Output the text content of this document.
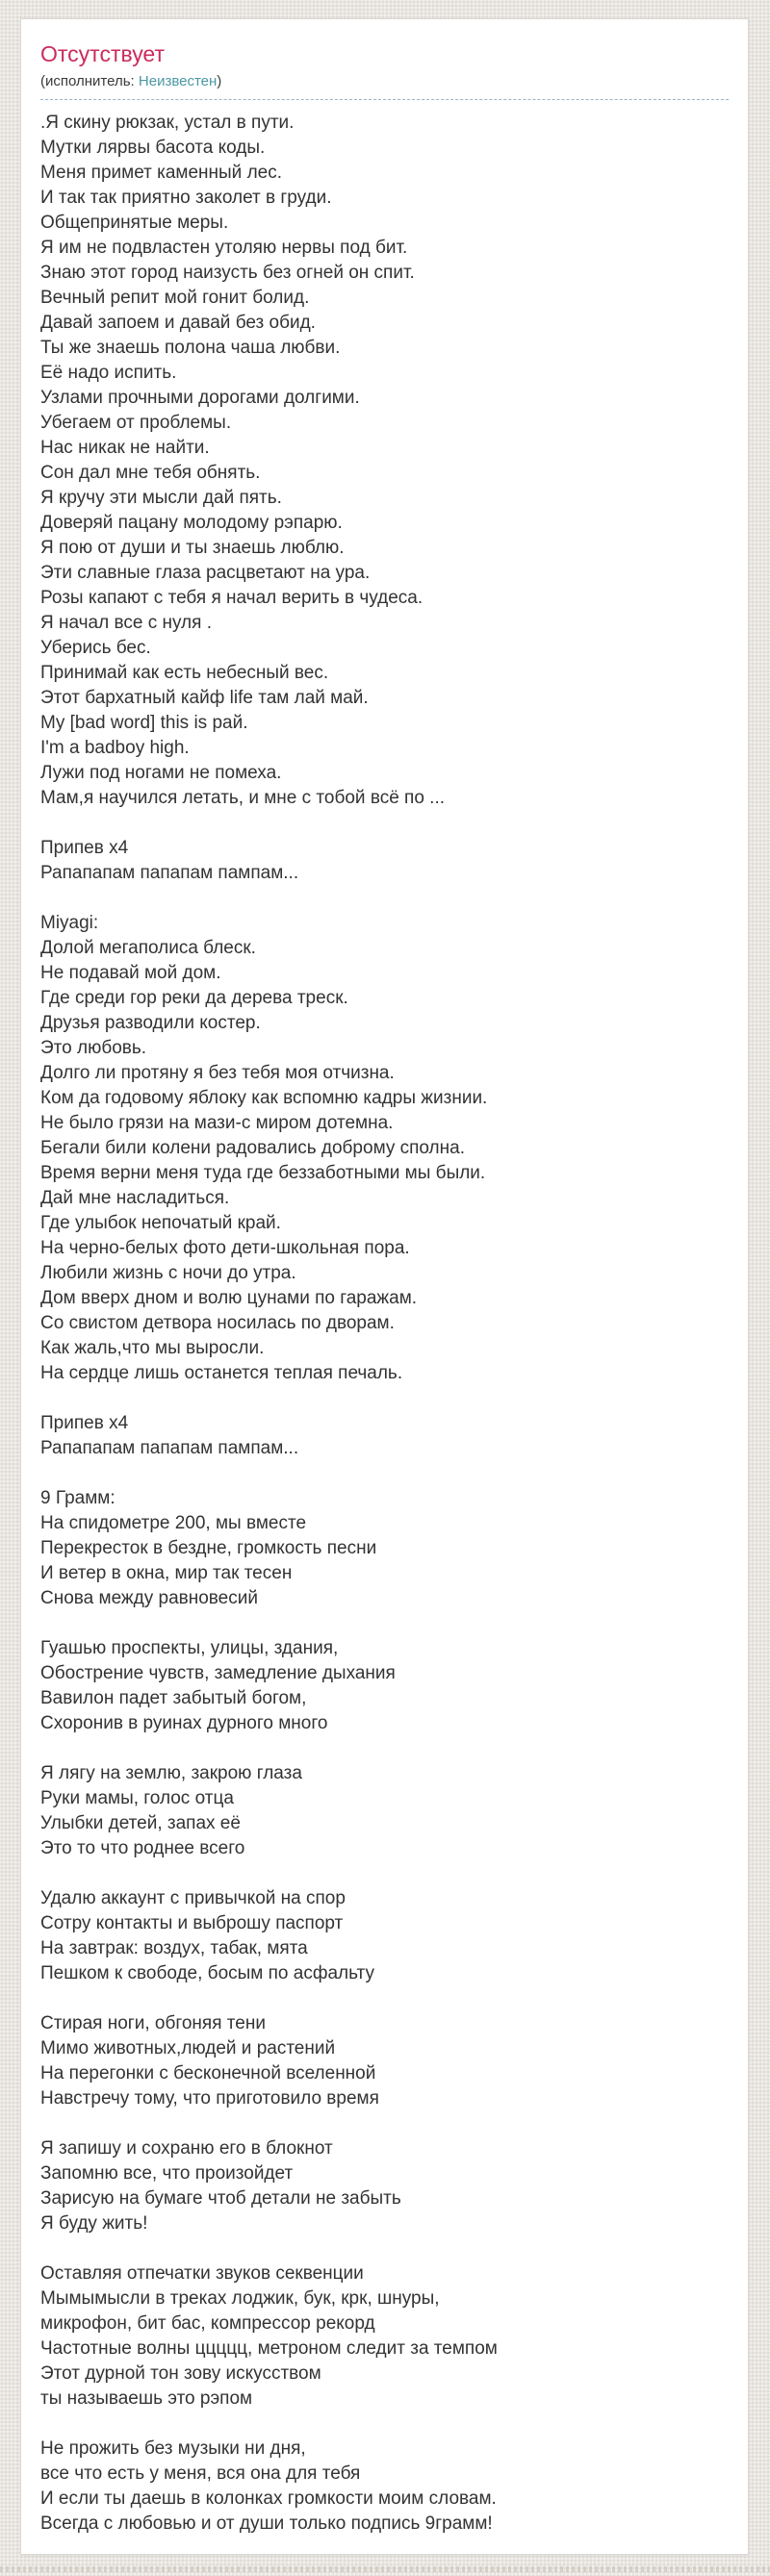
Отсутствует
(исполнитель: Неизвестен)
.Я скину рюкзак, устал в пути.
Мутки лярвы басота коды.
Меня примет каменный лес.
И так так приятно заколет в груди.
Общепринятые меры.
Я им не подвластен утоляю нервы под бит.
Знаю этот город наизусть без огней он спит.
Вечный репит мой гонит болид.
Давай запоем и давай без обид.
Ты же знаешь полона чаша любви.
Её надо испить.
Узлами прочными дорогами долгими.
Убегаем от проблемы.
Нас никак не найти.
Сон дал мне тебя обнять.
Я кручу эти мысли дай пять.
Доверяй пацану молодому рэпарю.
Я пою от души и ты знаешь люблю.
Эти славные глаза расцветают на ура.
Розы капают с тебя я начал верить в чудеса.
Я начал все с нуля .
Уберись бес.
Принимай как есть небесный вес.
Этот бархатный кайф life там лай май.
My [bad word] this is рай.
I'm a badboy high.
Лужи под ногами не помеха.
Мам,я научился летать, и мне с тобой всё по ...
Припев x4
Рапапапам папапам пампам...
Miyagi:
Долой мегаполиса блеск.
Не подавай мой дом.
Где среди гор реки да дерева треск.
Друзья разводили костер.
Это любовь.
Долго ли протяну я без тебя моя отчизна.
Ком да годовому яблоку как вспомню кадры жизнии.
Не было грязи на мази-с миром дотемна.
Бегали били колени радовались доброму сполна.
Время верни меня туда где беззаботными мы были.
Дай мне насладиться.
Где улыбок непочатый край.
На черно-белых фото дети-школьная пора.
Любили жизнь с ночи до утра.
Дом вверх дном и волю цунами по гаражам.
Со свистом детвора носилась по дворам.
Как жаль,что мы выросли.
На сердце лишь останется теплая печаль.
Припев x4
Рапапапам папапам пампам...
9 Грамм:
На спидометре 200, мы вместе
Перекресток в бездне, громкость песни
И ветер в окна, мир так тесен
Снова между равновесий
Гуашью проспекты, улицы, здания,
Обострение чувств, замедление дыхания
Вавилон падет забытый богом,
Схоронив в руинах дурного много
Я лягу на землю, закрою глаза
Руки мамы, голос отца
Улыбки детей, запах её
Это то что роднее всего
Удалю аккаунт с привычкой на спор
Сотру контакты и выброшу паспорт
На завтрак: воздух, табак, мята
Пешком к свободе, босым по асфальту
Стирая ноги, обгоняя тени
Мимо животных,людей и растений
На перегонки с бесконечной вселенной
Навстречу тому, что приготовило время
Я запишу и сохраню его в блокнот
Запомню все, что произойдет
Зарисую на бумаге чтоб детали не забыть
Я буду жить!
Оставляя отпечатки звуков секвенции
Мымымысли в треках лоджик, бук, крк, шнуры,
микрофон, бит бас, компрессор рекорд
Частотные волны ццццц, метроном следит за темпом
Этот дурной тон зову искусством
ты называешь это рэпом
Не прожить без музыки ни дня,
все что есть у меня, вся она для тебя
И если ты даешь в колонках громкости моим словам.
Всегда с любовью и от души только подпись 9грамм!
